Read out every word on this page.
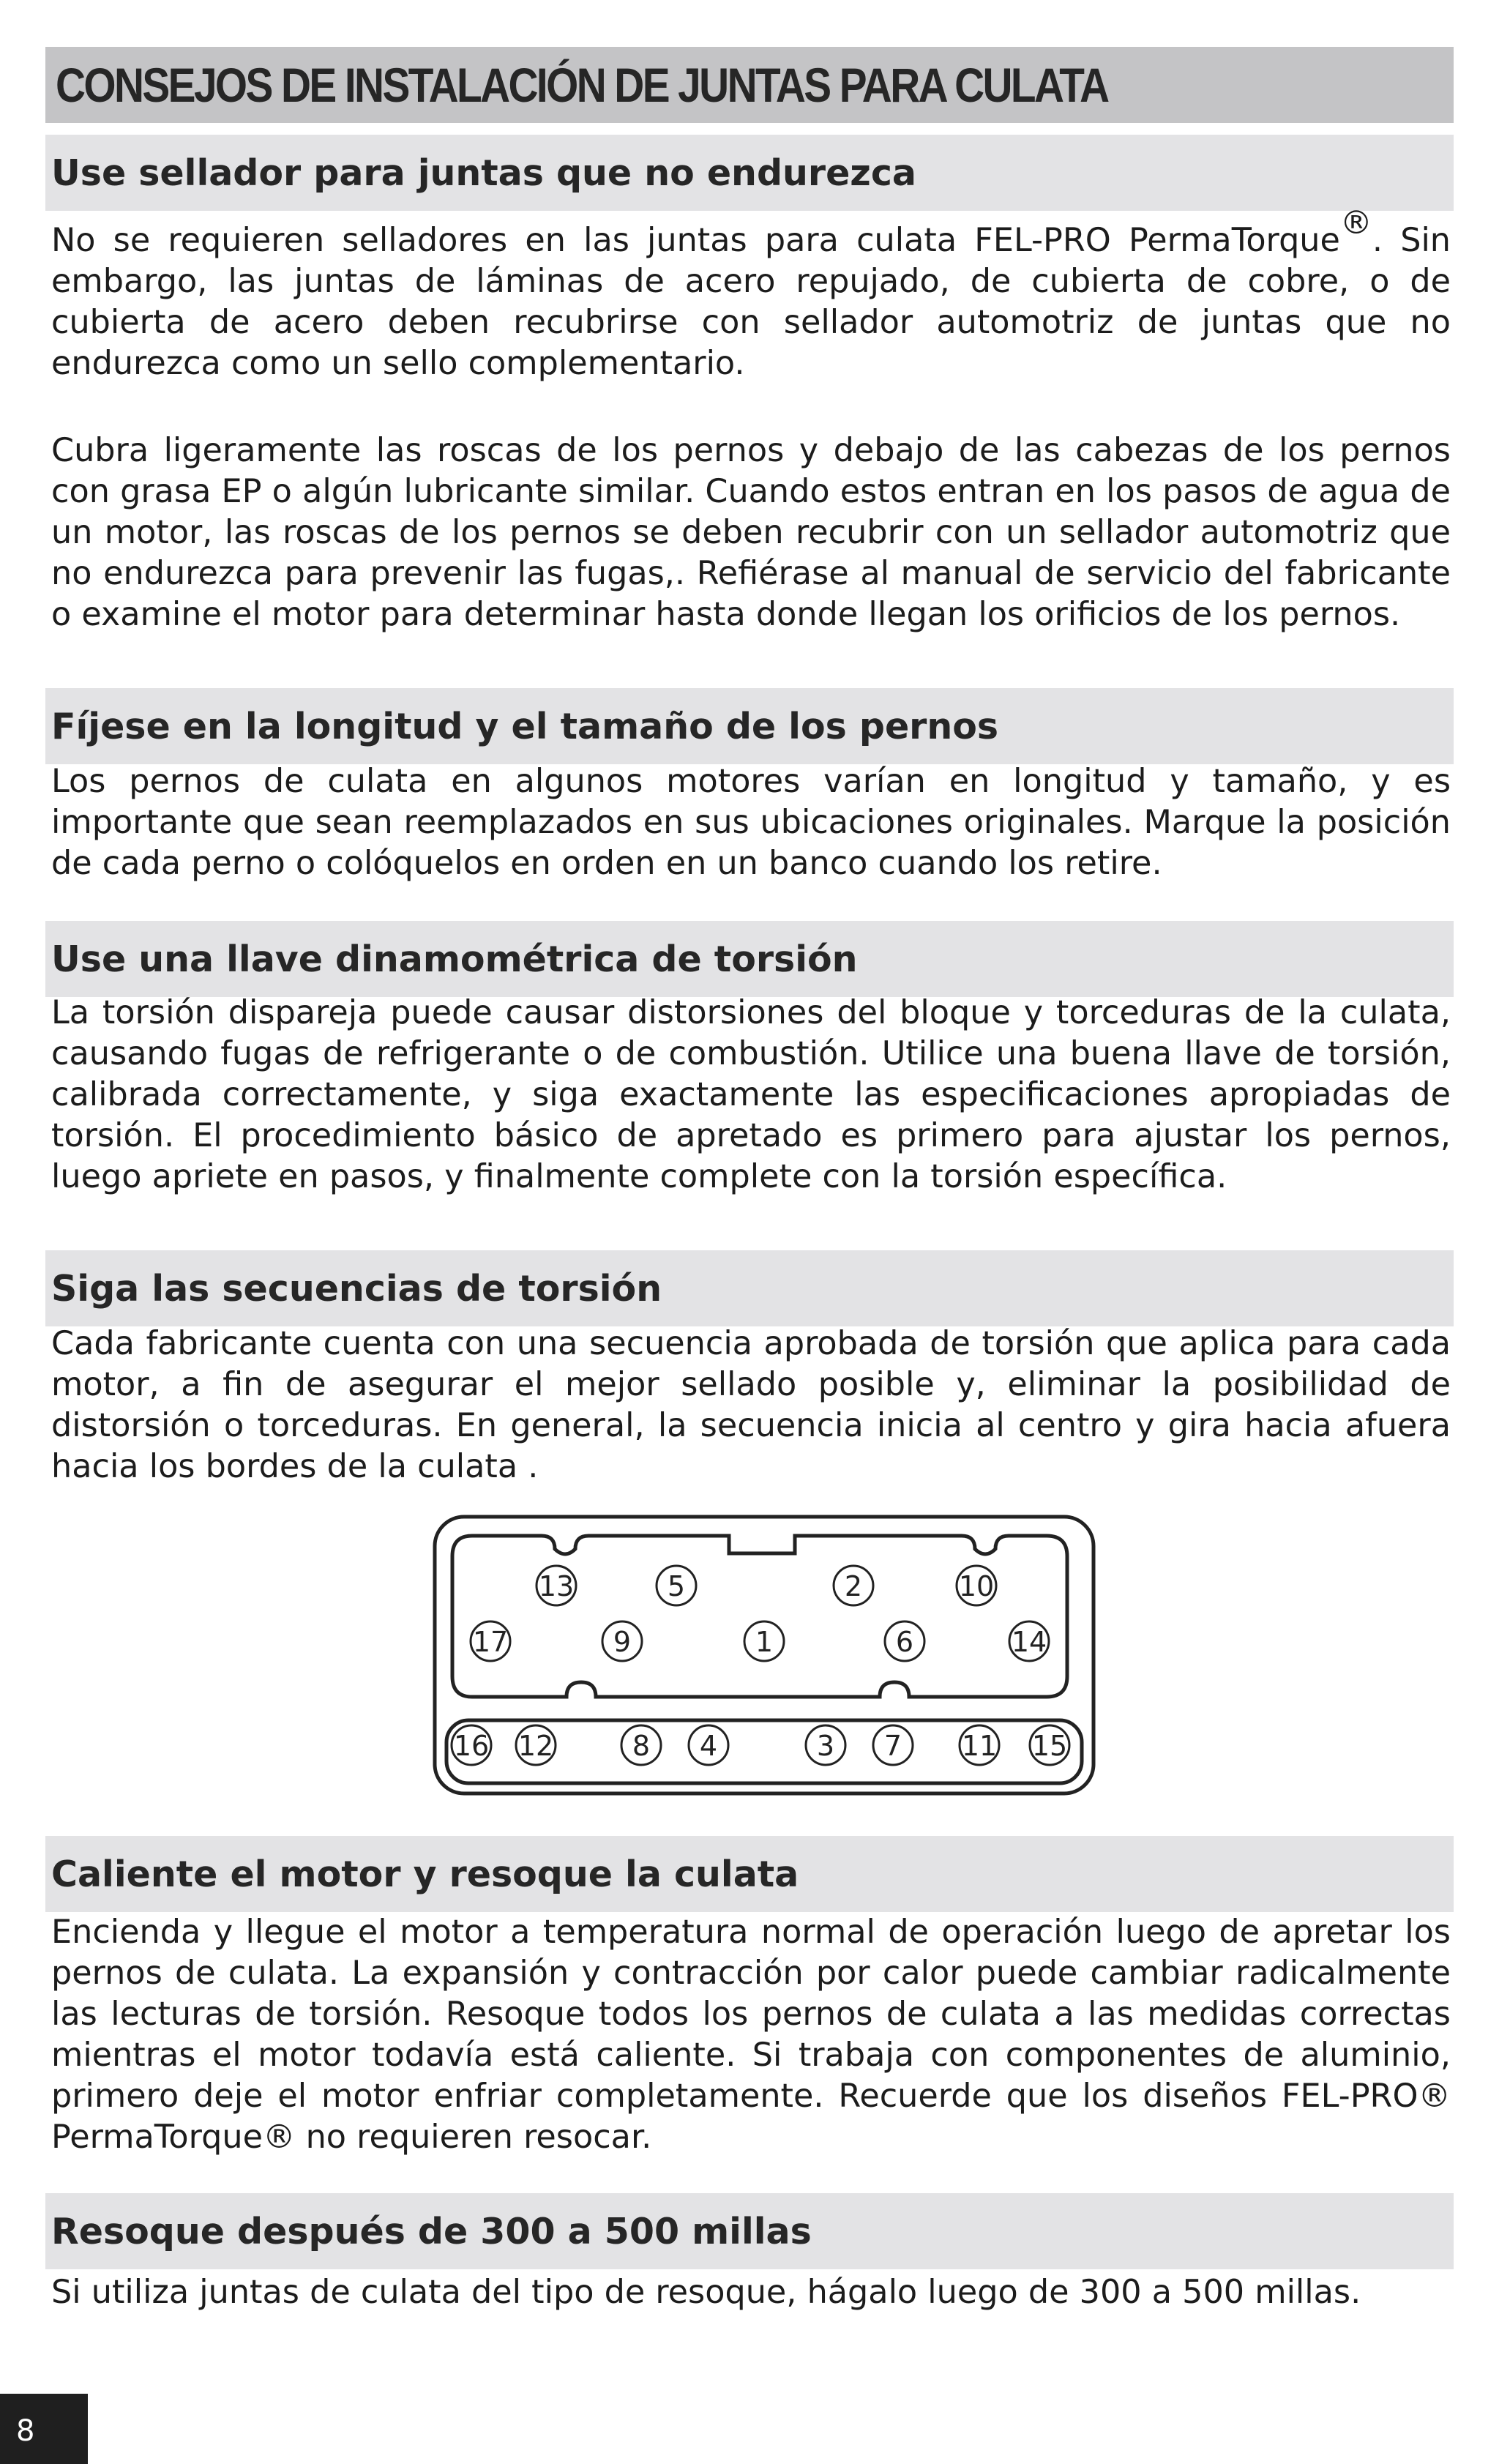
CONSEJOS DE INSTALACIÓN DE JUNTAS PARA CULATA
Use sellador para juntas que no endurezca
No se requieren selladores en las juntas para culata FEL-PRO PermaTorque®. Sin embargo, las juntas de láminas de acero repujado, de cubierta de cobre, o de cubierta de acero deben recubrirse con sellador automotriz de juntas que no endurezca como un sello complementario.
Cubra ligeramente las roscas de los pernos y debajo de las cabezas de los pernos con grasa EP o algún lubricante similar. Cuando estos entran en los pasos de agua de un motor, las roscas de los pernos se deben recubrir con un sellador automotriz que no endurezca para prevenir las fugas,. Refiérase al manual de servicio del fabricante o examine el motor para determinar hasta donde llegan los orificios de los pernos.
Fíjese en la longitud y el tamaño de los pernos
Los pernos de culata en algunos motores varían en longitud y tamaño, y es importante que sean reemplazados en sus ubicaciones originales. Marque la posición de cada perno o colóquelos en orden en un banco cuando los retire.
Use una llave dinamométrica de torsión
La torsión dispareja puede causar distorsiones del bloque y torceduras de la culata, causando fugas de refrigerante o de combustión. Utilice una buena llave de torsión, calibrada correctamente, y siga exactamente las especificaciones apropiadas de torsión. El procedimiento básico de apretado es primero para ajustar los pernos, luego apriete en pasos, y finalmente complete con la torsión específica.
Siga las secuencias de torsión
Cada fabricante cuenta con una secuencia aprobada de torsión que aplica para cada motor, a fin de asegurar el mejor sellado posible y, eliminar la posibilidad de distorsión o torceduras. En general, la secuencia inicia al centro y gira hacia afuera hacia los bordes de la culata .
13	5	2	10
17	9	1	6	14
16 12	8 4	3 7 11 15
Caliente el motor y resoque la culata
Encienda y llegue el motor a temperatura normal de operación luego de apretar los pernos de culata. La expansión y contracción por calor puede cambiar radicalmente las lecturas de torsión. Resoque todos los pernos de culata a las medidas correctas mientras el motor todavía está caliente. Si trabaja con componentes de aluminio, primero deje el motor enfriar completamente. Recuerde que los diseños FEL-PRO® PermaTorque® no requieren resocar.
Resoque después de 300 a 500 millas
Si utiliza juntas de culata del tipo de resoque, hágalo luego de 300 a 500 millas.
8
